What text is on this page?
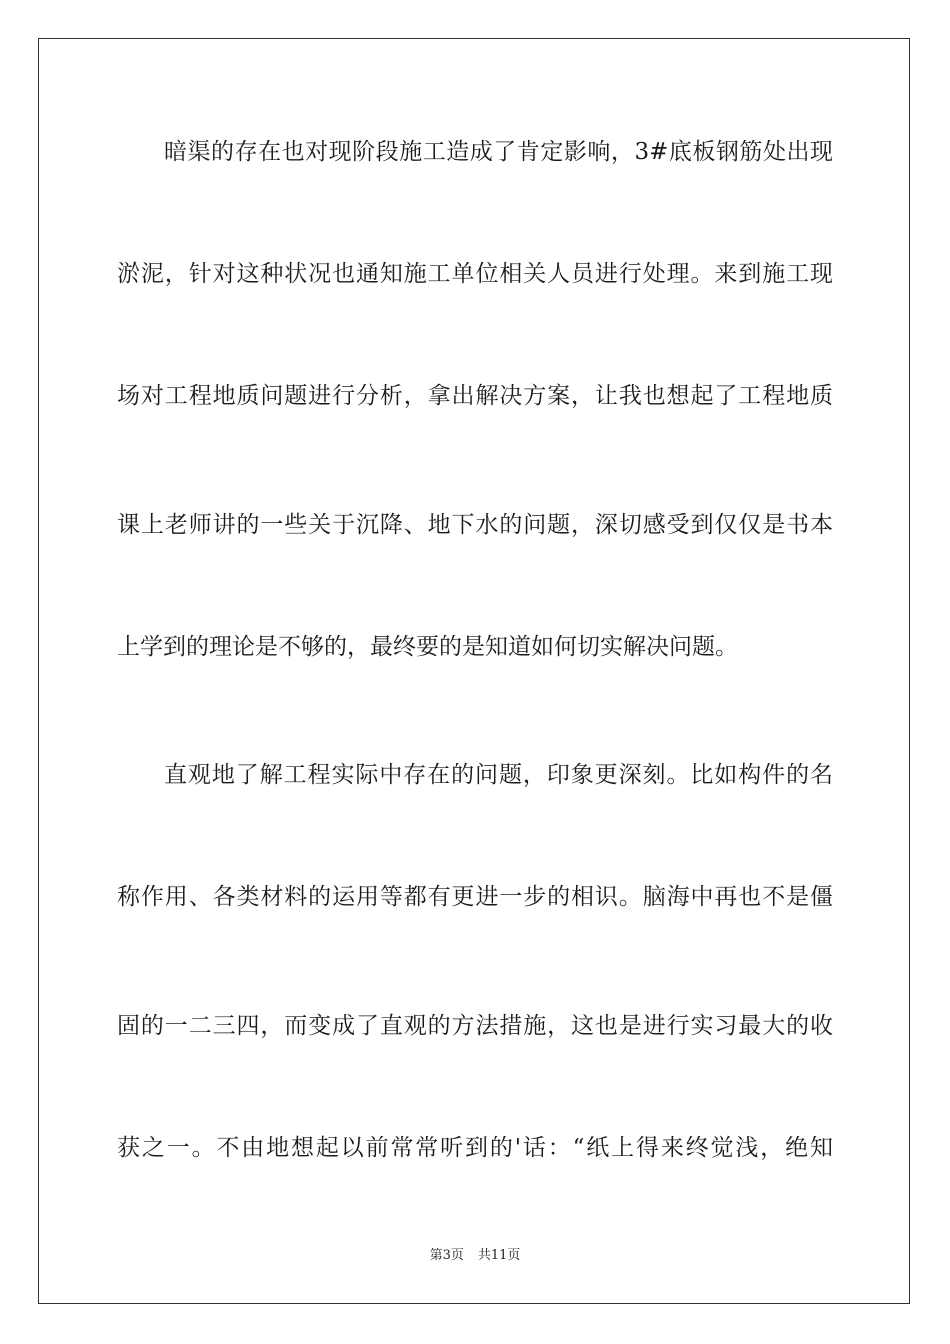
暗渠的存在也对现阶段施工造成了肯定影响，3#底板钢筋处出现
淤泥，针对这种状况也通知施工单位相关人员进行处理。来到施工现
场对工程地质问题进行分析，拿出解决方案，让我也想起了工程地质
课上老师讲的一些关于沉降、地下水的问题，深切感受到仅仅是书本
上学到的理论是不够的，最终要的是知道如何切实解决问题。
直观地了解工程实际中存在的问题，印象更深刻。比如构件的名
称作用、各类材料的运用等都有更进一步的相识。脑海中再也不是僵
固的一二三四，而变成了直观的方法措施，这也是进行实习最大的收
获之一。不由地想起以前常常听到的'话：“纸上得来终觉浅，绝知
第3页 共11页
